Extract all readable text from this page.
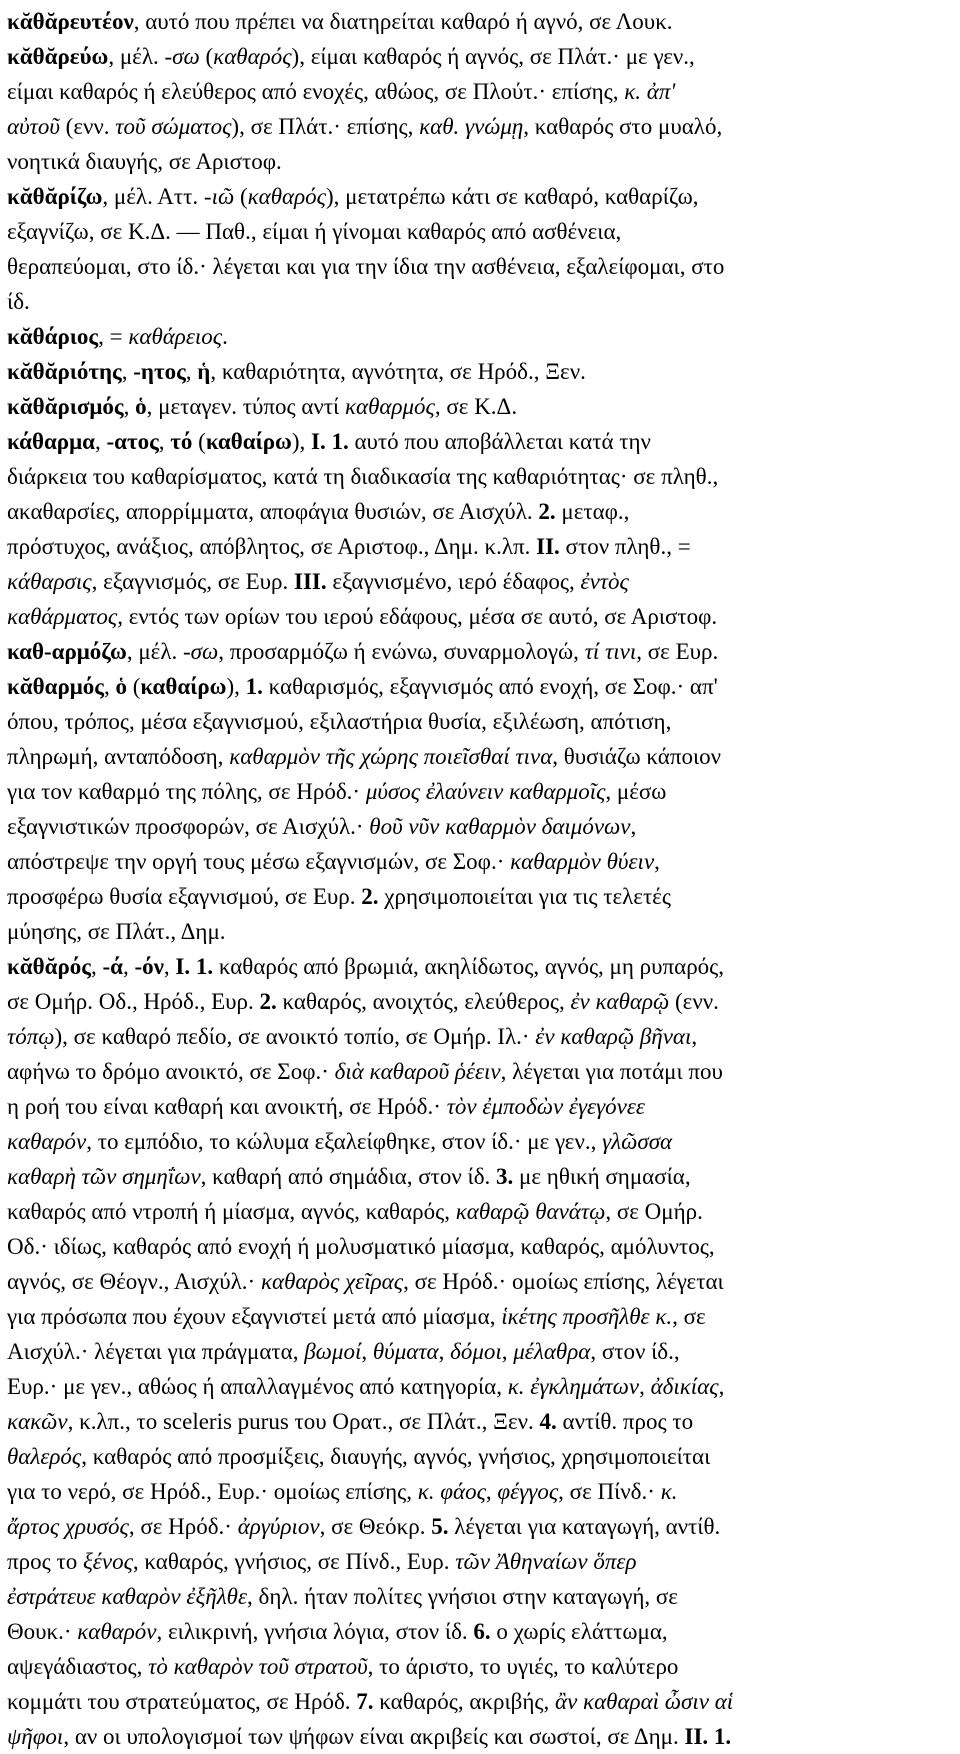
κᾰθᾰρευτέον, αυτό που πρέπει να διατηρείται καθαρό ή αγνό, σε Λουκ.
κᾰθᾰρεύω, μέλ. -σω (καθαρός), είμαι καθαρός ή αγνός, σε Πλάτ.· με γεν.,
είμαι καθαρός ή ελεύθερος από ενοχές, αθώος, σε Πλούτ.· επίσης, κ. ἀπ'
αὐτοῦ (ενν. τοῦ σώματος), σε Πλάτ.· επίσης, καθ. γνώμῃ, καθαρός στο μυαλό,
νοητικά διαυγής, σε Αριστοφ.
κᾰθᾰρίζω, μέλ. Αττ. -ιῶ (καθαρός), μετατρέπω κάτι σε καθαρό, καθαρίζω,
εξαγνίζω, σε Κ.Δ. — Παθ., είμαι ή γίνομαι καθαρός από ασθένεια,
θεραπεύομαι, στο ίδ.· λέγεται και για την ίδια την ασθένεια, εξαλείφομαι, στο
ίδ.
κᾰθάριος, = καθάρειος.
κᾰθᾰριότης, -ητος, ἡ, καθαριότητα, αγνότητα, σε Ηρόδ., Ξεν.
κᾰθᾰρισμός, ὁ, μεταγεν. τύπος αντί καθαρμός, σε Κ.Δ.
κάθαρμα, -ατος, τό (καθαίρω), I. 1. αυτό που αποβάλλεται κατά την
διάρκεια του καθαρίσματος, κατά τη διαδικασία της καθαριότητας· σε πληθ.,
ακαθαρσίες, απορρίμματα, αποφάγια θυσιών, σε Αισχύλ. 2. μεταφ.,
πρόστυχος, ανάξιος, απόβλητος, σε Αριστοφ., Δημ. κ.λπ. II. στον πληθ., =
κάθαρσις, εξαγνισμός, σε Ευρ. III. εξαγνισμένο, ιερό έδαφος, ἐντὸς
καθάρματος, εντός των ορίων του ιερού εδάφους, μέσα σε αυτό, σε Αριστοφ.
καθ-αρμόζω, μέλ. -σω, προσαρμόζω ή ενώνω, συναρμολογώ, τί τινι, σε Ευρ.
κᾰθαρμός, ὁ (καθαίρω), 1. καθαρισμός, εξαγνισμός από ενοχή, σε Σοφ.· απ'
όπου, τρόπος, μέσα εξαγνισμού, εξιλαστήρια θυσία, εξιλέωση, απότιση,
πληρωμή, ανταπόδοση, καθαρμὸν τῆς χώρης ποιεῖσθαί τινα, θυσιάζω κάποιον
για τον καθαρμό της πόλης, σε Ηρόδ.· μύσος ἐλαύνειν καθαρμοῖς, μέσω
εξαγνιστικών προσφορών, σε Αισχύλ.· θοῦ νῦν καθαρμὸν δαιμόνων,
απόστρεψε την οργή τους μέσω εξαγνισμών, σε Σοφ.· καθαρμὸν θύειν,
προσφέρω θυσία εξαγνισμού, σε Ευρ. 2. χρησιμοποιείται για τις τελετές
μύησης, σε Πλάτ., Δημ.
κᾰθᾰρός, -ά, -όν, I. 1. καθαρός από βρωμιά, ακηλίδωτος, αγνός, μη ρυπαρός,
σε Ομήρ. Οδ., Ηρόδ., Ευρ. 2. καθαρός, ανοιχτός, ελεύθερος, ἐν καθαρῷ (ενν.
τόπῳ), σε καθαρό πεδίο, σε ανοικτό τοπίο, σε Ομήρ. Ιλ.· ἐν καθαρῷ βῆναι,
αφήνω το δρόμο ανοικτό, σε Σοφ.· διὰ καθαροῦ ῥέειν, λέγεται για ποτάμι που
η ροή του είναι καθαρή και ανοικτή, σε Ηρόδ.· τὸν ἐμποδὼν ἐγεγόνεε
καθαρόν, το εμπόδιο, το κώλυμα εξαλείφθηκε, στον ίδ.· με γεν., γλῶσσα
καθαρὴ τῶν σημηΐων, καθαρή από σημάδια, στον ίδ. 3. με ηθική σημασία,
καθαρός από ντροπή ή μίασμα, αγνός, καθαρός, καθαρῷ θανάτῳ, σε Ομήρ.
Οδ.· ιδίως, καθαρός από ενοχή ή μολυσματικό μίασμα, καθαρός, αμόλυντος,
αγνός, σε Θέογν., Αισχύλ.· καθαρὸς χεῖρας, σε Ηρόδ.· ομοίως επίσης, λέγεται
για πρόσωπα που έχουν εξαγνιστεί μετά από μίασμα, ἱκέτης προσῆλθε κ., σε
Αισχύλ.· λέγεται για πράγματα, βωμοί, θύματα, δόμοι, μέλαθρα, στον ίδ.,
Ευρ.· με γεν., αθώος ή απαλλαγμένος από κατηγορία, κ. ἐγκλημάτων, ἀδικίας,
κακῶν, κ.λπ., το sceleris purus του Ορατ., σε Πλάτ., Ξεν. 4. αντίθ. προς το
θαλερός, καθαρός από προσμίξεις, διαυγής, αγνός, γνήσιος, χρησιμοποιείται
για το νερό, σε Ηρόδ., Ευρ.· ομοίως επίσης, κ. φάος, φέγγος, σε Πίνδ.· κ.
ἄρτος χρυσός, σε Ηρόδ.· ἀργύριον, σε Θεόκρ. 5. λέγεται για καταγωγή, αντίθ.
προς το ξένος, καθαρός, γνήσιος, σε Πίνδ., Ευρ. τῶν Ἀθηναίων ὅπερ
ἐστράτευε καθαρὸν ἐξῆλθε, δηλ. ήταν πολίτες γνήσιοι στην καταγωγή, σε
Θουκ.· καθαρόν, ειλικρινή, γνήσια λόγια, στον ίδ. 6. ο χωρίς ελάττωμα,
αψεγάδιαστος, τὸ καθαρὸν τοῦ στρατοῦ, το άριστο, το υγιές, το καλύτερο
κομμάτι του στρατεύματος, σε Ηρόδ. 7. καθαρός, ακριβής, ἂν καθαραὶ ὦσιν αἱ
ψῆφοι, αν οι υπολογισμοί των ψήφων είναι ακριβείς και σωστοί, σε Δημ. II. 1.
